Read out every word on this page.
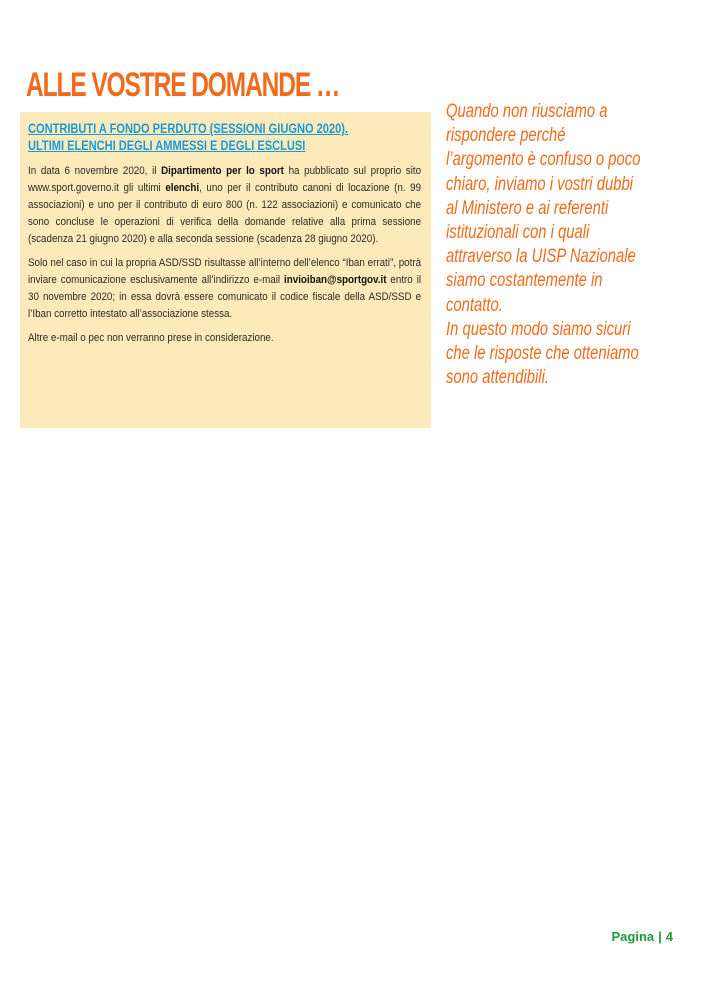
ALLE VOSTRE DOMANDE …
CONTRIBUTI A FONDO PERDUTO (SESSIONI GIUGNO 2020).
ULTIMI ELENCHI DEGLI AMMESSI E DEGLI ESCLUSI

In data 6 novembre 2020, il Dipartimento per lo sport ha pubblicato sul proprio sito www.sport.governo.it gli ultimi elenchi, uno per il contributo canoni di locazione (n. 99 associazioni) e uno per il contributo di euro 800 (n. 122 associazioni) e comunicato che sono concluse le operazioni di verifica della domande relative alla prima sessione (scadenza 21 giugno 2020) e alla seconda sessione (scadenza 28 giugno 2020).

Solo nel caso in cui la propria ASD/SSD risultasse all’interno dell’elenco “Iban errati”, potrà inviare comunicazione esclusivamente all’indirizzo e-mail invioiban@sportgov.it entro il 30 novembre 2020; in essa dovrà essere comunicato il codice fiscale della ASD/SSD e l’Iban corretto intestato all’associazione stessa.

Altre e-mail o pec non verranno prese in considerazione.

Quando non riusciamo a
rispondere perché
l’argomento è confuso o poco
chiaro, inviamo i vostri dubbi
al Ministero e ai referenti
istituzionali con i quali
attraverso la UISP Nazionale
siamo costantemente in
contatto.
In questo modo siamo sicuri
che le risposte che otteniamo
sono attendibili.
Pagina | 4
